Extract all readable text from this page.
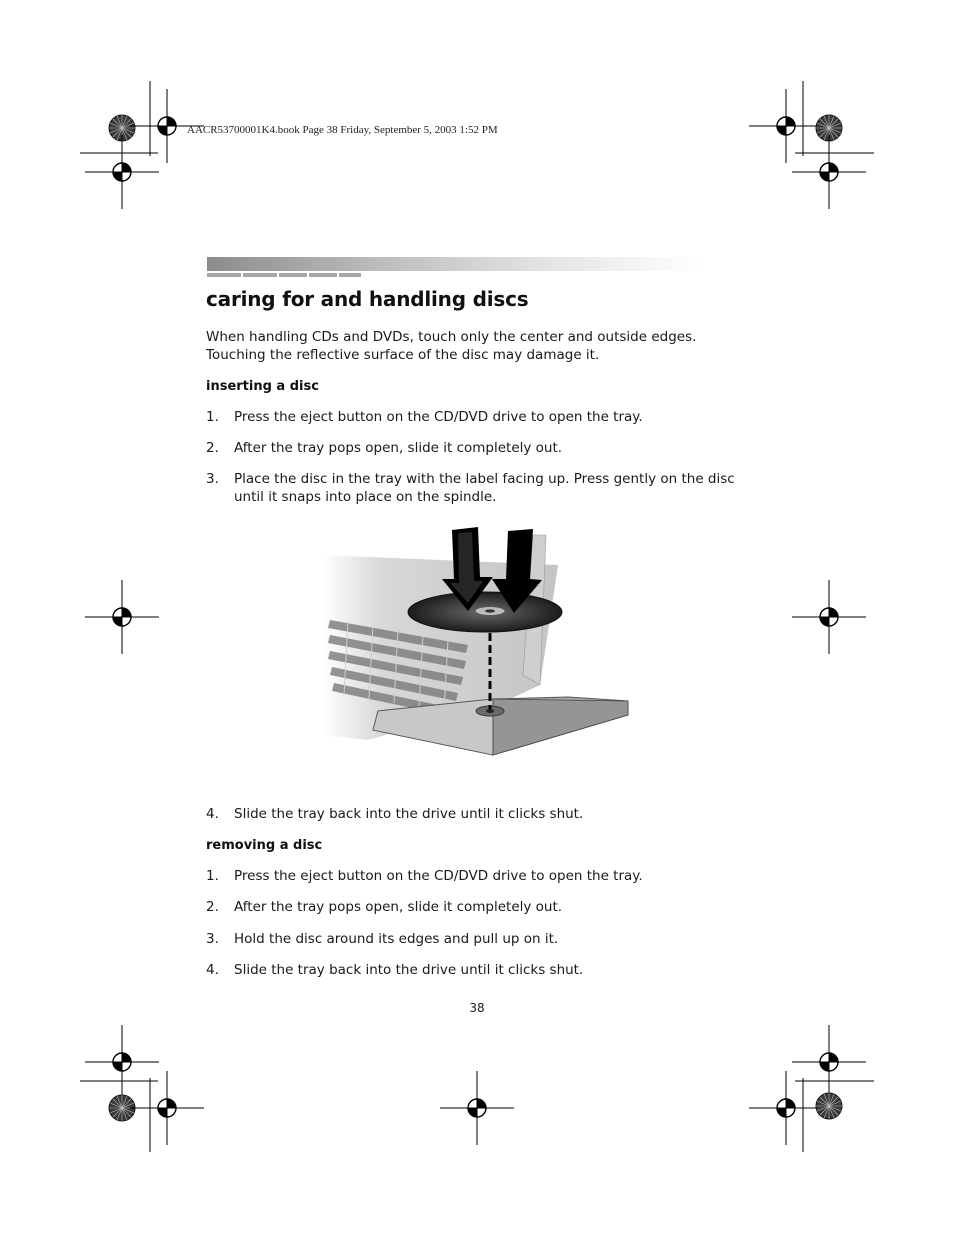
AACR53700001K4.book Page 38 Friday, September 5, 2003 1:52 PM
caring for and handling discs
When handling CDs and DVDs, touch only the center and outside edges. Touching the reflective surface of the disc may damage it.
inserting a disc
1. Press the eject button on the CD/DVD drive to open the tray.
2. After the tray pops open, slide it completely out.
3. Place the disc in the tray with the label facing up. Press gently on the disc until it snaps into place on the spindle.
4. Slide the tray back into the drive until it clicks shut.
removing a disc
1. Press the eject button on the CD/DVD drive to open the tray.
2. After the tray pops open, slide it completely out.
3. Hold the disc around its edges and pull up on it.
4. Slide the tray back into the drive until it clicks shut.
38
